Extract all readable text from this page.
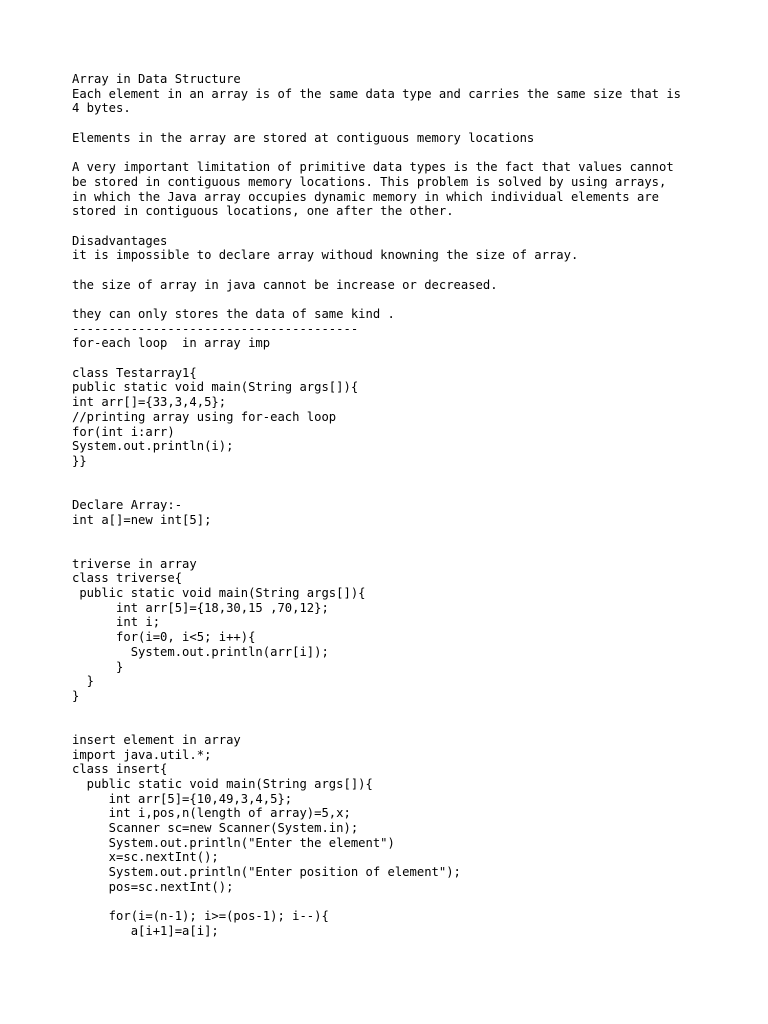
Array in Data Structure
Each element in an array is of the same data type and carries the same size that is
4 bytes.
Elements in the array are stored at contiguous memory locations
A very important limitation of primitive data types is the fact that values cannot
be stored in contiguous memory locations. This problem is solved by using arrays,
in which the Java array occupies dynamic memory in which individual elements are
stored in contiguous locations, one after the other.
Disadvantages
it is impossible to declare array withoud knowning the size of array.
the size of array in java cannot be increase or decreased.
they can only stores the data of same kind .
---------------------------------------
for-each loop  in array imp
class Testarray1{
public static void main(String args[]){
int arr[]={33,3,4,5};
//printing array using for-each loop
for(int i:arr)
System.out.println(i);
}}
Declare Array:-
int a[]=new int[5];
triverse in array
class triverse{
public static void main(String args[]){
int arr[5]={18,30,15 ,70,12};
int i;
for(i=0, i<5; i++){
System.out.println(arr[i]);
}
}
}
insert element in array
import java.util.*;
class insert{
public static void main(String args[]){
int arr[5]={10,49,3,4,5};
int i,pos,n(length of array)=5,x;
Scanner sc=new Scanner(System.in);
System.out.println("Enter the element")
x=sc.nextInt();
System.out.println("Enter position of element");
pos=sc.nextInt();
for(i=(n-1); i>=(pos-1); i--){
a[i+1]=a[i];
